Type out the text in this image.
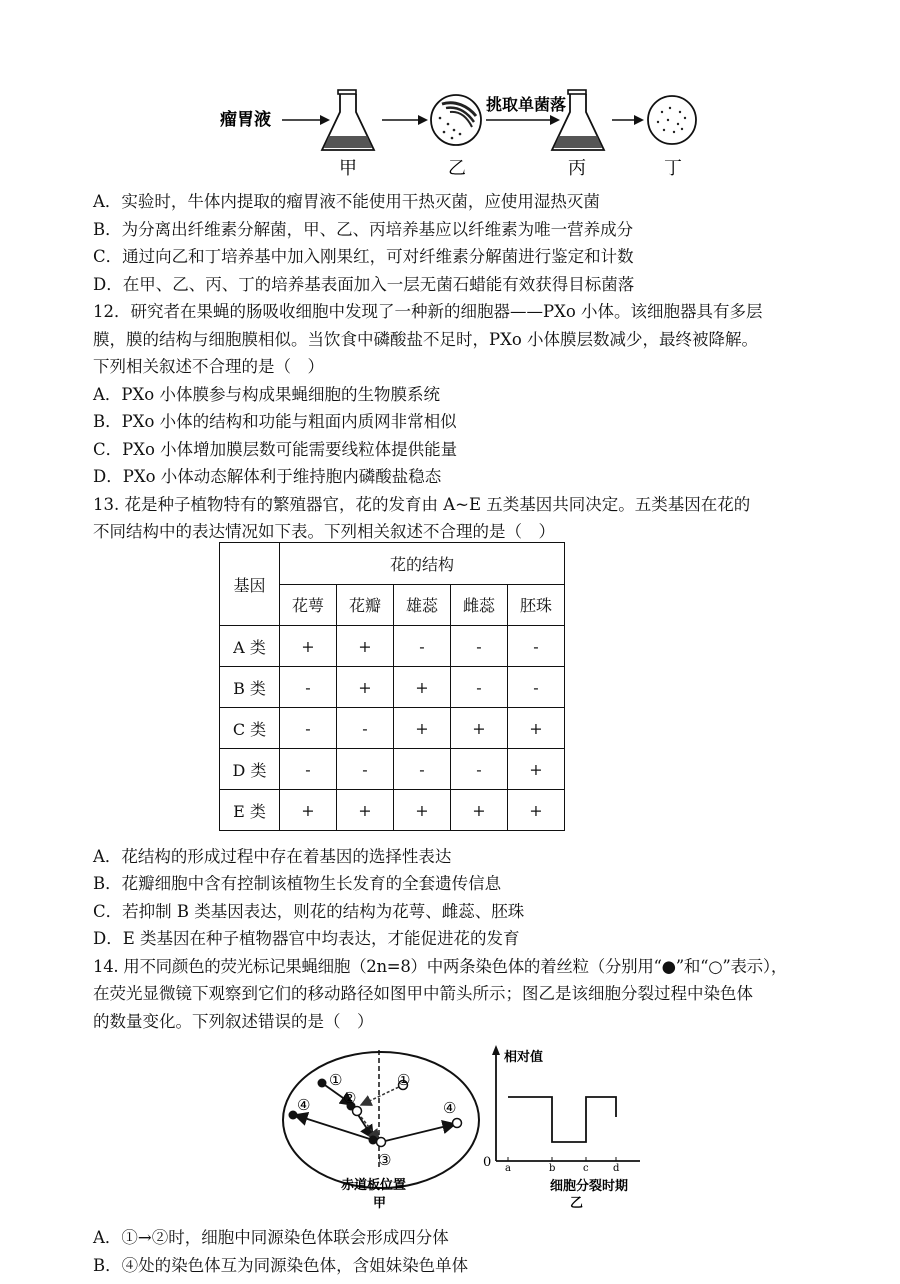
瘤胃液
挑取单菌落
甲	乙	丙	丁
A．实验时，牛体内提取的瘤胃液不能使用干热灭菌，应使用湿热灭菌
B．为分离出纤维素分解菌，甲、乙、丙培养基应以纤维素为唯一营养成分
C．通过向乙和丁培养基中加入刚果红，可对纤维素分解菌进行鉴定和计数
D．在甲、乙、丙、丁的培养基表面加入一层无菌石蜡能有效获得目标菌落
12．研究者在果蝇的肠吸收细胞中发现了一种新的细胞器——PXo 小体。该细胞器具有多层
膜，膜的结构与细胞膜相似。当饮食中磷酸盐不足时，PXo 小体膜层数减少，最终被降解。
下列相关叙述不合理的是（　）
A．PXo 小体膜参与构成果蝇细胞的生物膜系统
B．PXo 小体的结构和功能与粗面内质网非常相似
C．PXo 小体增加膜层数可能需要线粒体提供能量
D．PXo 小体动态解体利于维持胞内磷酸盐稳态
13. 花是种子植物特有的繁殖器官，花的发育由 A~E 五类基因共同决定。五类基因在花的
不同结构中的表达情况如下表。下列相关叙述不合理的是（　）
基因	花的结构				
	花萼	花瓣	雄蕊	雌蕊	胚珠
A 类	+	+	-	-	-
B 类	-	+	+	-	-
C 类	-	-	+	+	+
D 类	-	-	-	-	+
E 类	+	+	+	+	+
A．花结构的形成过程中存在着基因的选择性表达
B．花瓣细胞中含有控制该植物生长发育的全套遗传信息
C．若抑制 B 类基因表达，则花的结构为花萼、雌蕊、胚珠
D．E 类基因在种子植物器官中均表达，才能促进花的发育
14. 用不同颜色的荧光标记果蝇细胞（2n=8）中两条染色体的着丝粒（分别用“●”和“○”表示），
在荧光显微镜下观察到它们的移动路径如图甲中箭头所示；图乙是该细胞分裂过程中染色体
的数量变化。下列叙述错误的是（　）
①
②
③
④
①
④
赤道板位置
甲
相对值
0 a	b	c d
细胞分裂时期
乙
A．①→②时，细胞中同源染色体联会形成四分体
B．④处的染色体互为同源染色体，含姐妹染色单体
